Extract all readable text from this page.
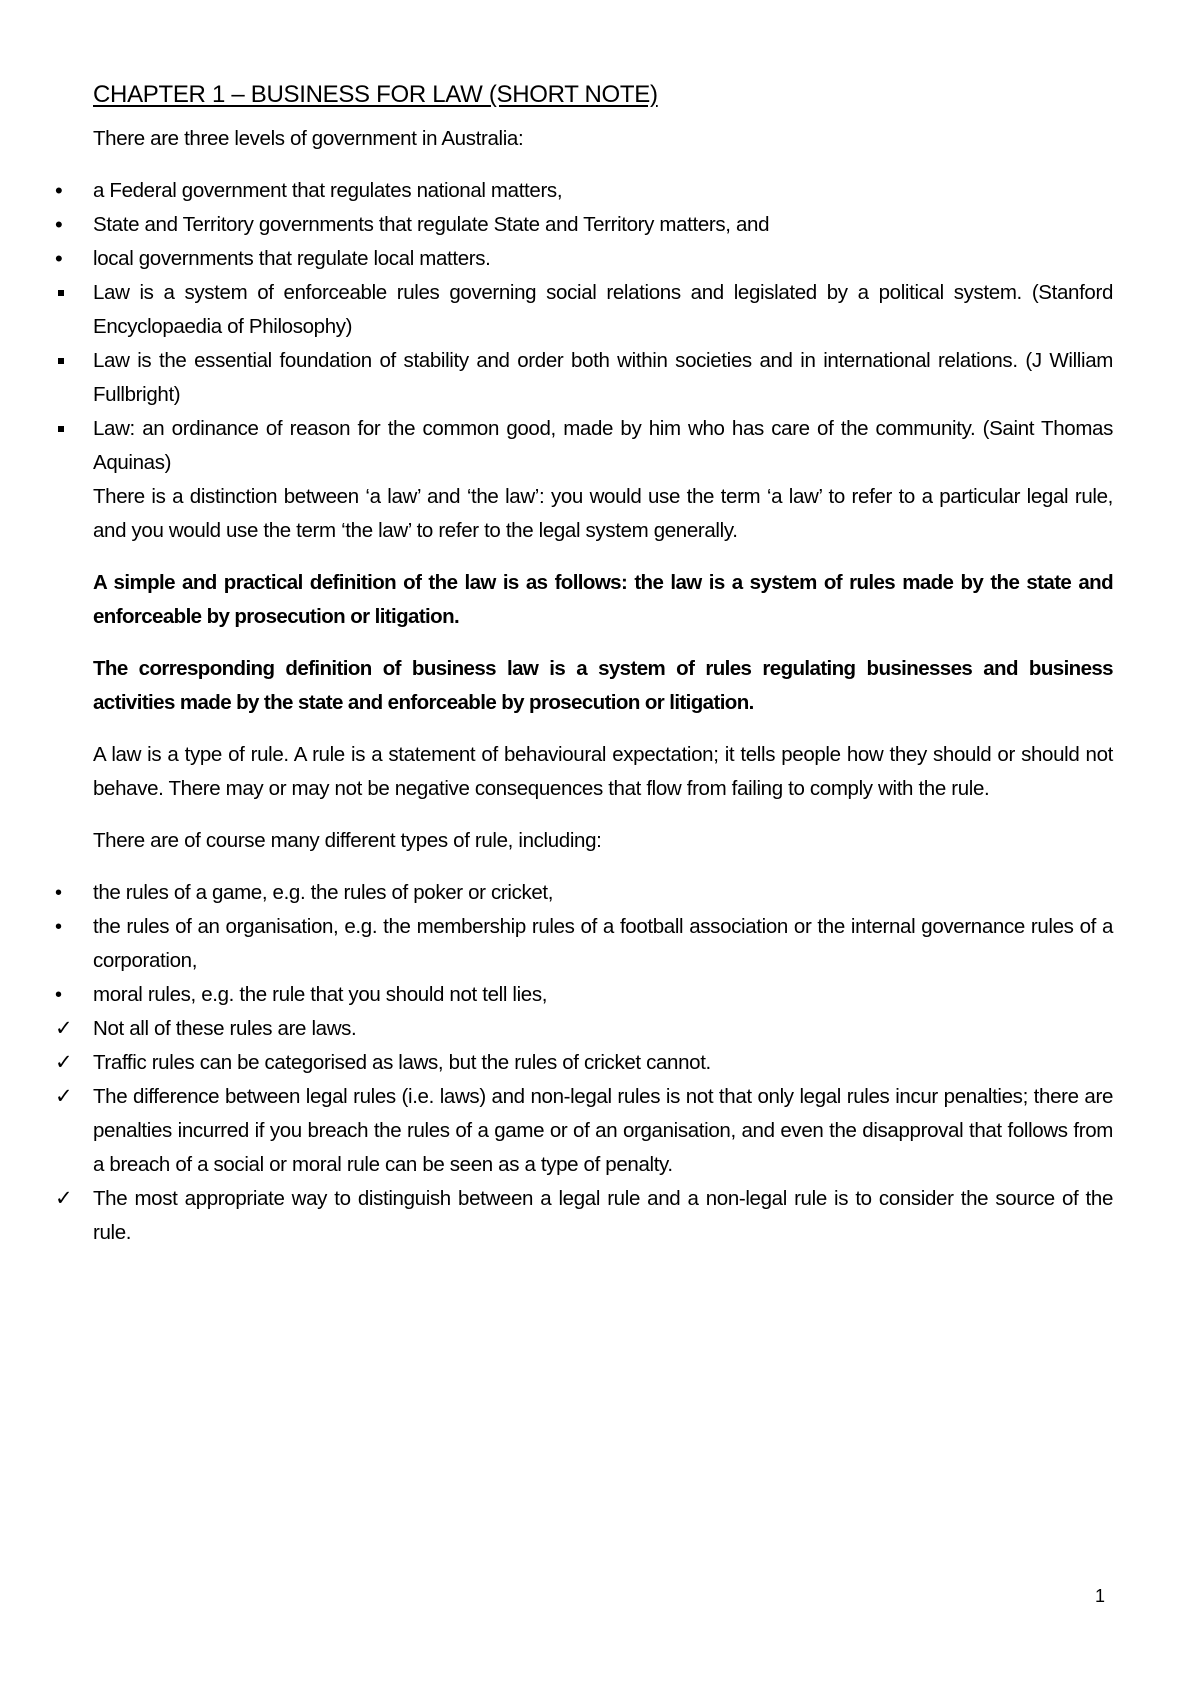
CHAPTER 1 – BUSINESS FOR LAW (SHORT NOTE)

There are three levels of government in Australia:

• a Federal government that regulates national matters,
• State and Territory governments that regulate State and Territory matters, and
• local governments that regulate local matters.
Law is a system of enforceable rules governing social relations and legislated by a political system. (Stanford Encyclopaedia of Philosophy)
Law is the essential foundation of stability and order both within societies and in international relations. (J William Fullbright)
Law: an ordinance of reason for the common good, made by him who has care of the community. (Saint Thomas Aquinas)

There is a distinction between ‘a law’ and ‘the law’: you would use the term ‘a law’ to refer to a particular legal rule, and you would use the term ‘the law’ to refer to the legal system generally.

A simple and practical definition of the law is as follows: the law is a system of rules made by the state and enforceable by prosecution or litigation.

The corresponding definition of business law is a system of rules regulating businesses and business activities made by the state and enforceable by prosecution or litigation.

A law is a type of rule. A rule is a statement of behavioural expectation; it tells people how they should or should not behave. There may or may not be negative consequences that flow from failing to comply with the rule.

There are of course many different types of rule, including:

• the rules of a game, e.g. the rules of poker or cricket,
• the rules of an organisation, e.g. the membership rules of a football association or the internal governance rules of a corporation,
• moral rules, e.g. the rule that you should not tell lies,
✓ Not all of these rules are laws.
✓ Traffic rules can be categorised as laws, but the rules of cricket cannot.
✓ The difference between legal rules (i.e. laws) and non-legal rules is not that only legal rules incur penalties; there are penalties incurred if you breach the rules of a game or of an organisation, and even the disapproval that follows from a breach of a social or moral rule can be seen as a type of penalty.
✓ The most appropriate way to distinguish between a legal rule and a non-legal rule is to consider the source of the rule.
1
